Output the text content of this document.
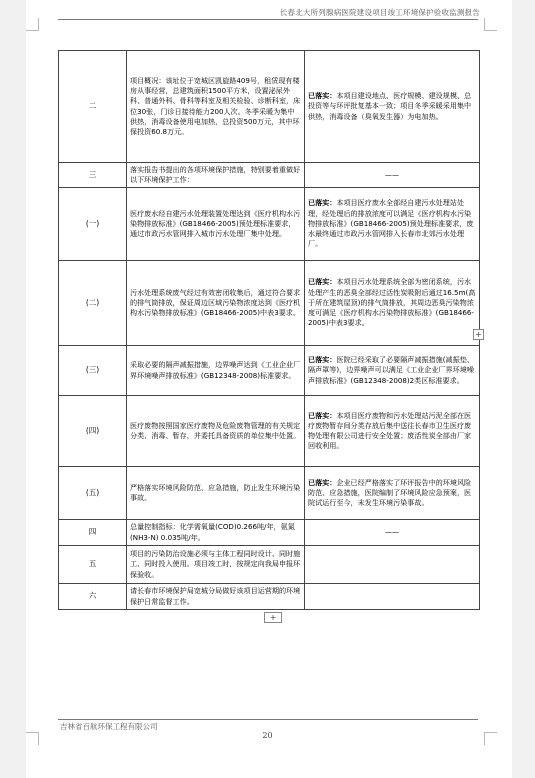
长春北大所列腺病医院建设项目竣工环境保护验收监测报告
二	项目概况：该址位于宽城区凯旋路409号，租赁现有楼房从事经营，总建筑面积1500平方米，设置泌尿外科、普通外科、骨科等科室及相关检验、诊断科室，床位30张，门诊日接待能力200人次。冬季采暖为集中供热，消毒设备使用电加热，总投资500万元，其中环保投资60.8万元。	已落实：本项目建设地点、医疗规模、建设规模、总投资等与环评批复基本一致；项目冬季采暖采用集中供热，消毒设备（臭氧发生器）为电加热。
三	落实报告书提出的各项环境保护措施，特别要着重做好以下环境保护工作：	——
(一)	医疗废水经自建污水处理装置处理达到《医疗机构水污染物排放标准》(GB18466-2005)预处理标准要求，通过市政污水管网排入城市污水处理厂集中处理。	已落实：本项目医疗废水全部经自建污水处理站处理，经处理后的排放浓度可以满足《医疗机构水污染物排放标准》(GB18466-2005)预处理标准要求，废水最终通过市政污水管网排入长春市北郊污水处理厂。
(二)	污水处理系统废气经过有效密闭收集后，通过符合要求的排气筒排放，保证周边区域污染物浓度达到《医疗机构水污染物排放标准》(GB18466-2005)中表3要求。	已落实：本项目污水处理系统全部为密闭系统，污水处理产生的恶臭全部经过活性炭吸附后通过16.5m(高于所在建筑屋顶)的排气筒排放，其周边恶臭污染物浓度可满足《医疗机构水污染物排放标准》(GB18466-2005)中表3要求。
(三)	采取必要的隔声减振措施，边界噪声达到《工业企业厂界环境噪声排放标准》(GB12348-2008)标准要求。	已落实：医院已经采取了必要隔声减振措施(减振垫、隔声罩等)，边界噪声可以满足《工业企业厂界环境噪声排放标准》(GB12348-2008)2类区标准要求。
(四)	医疗废物按照国家医疗废物及危险废物管理的有关规定分类、消毒、暂存，并委托具备资质的单位集中处置。	已落实：本项目医疗废物和污水处理站污泥全部在医疗废物暂存间分类存放后集中送往长春市卫生医疗废物处理有限公司进行安全处置；废活性炭全部由厂家回收利用。
(五)	严格落实环境风险防范、应急措施，防止发生环境污染事故。	已落实：企业已经严格落实了环评报告中的环境风险防范、应急措施，医院编制了环境风险应急预案，医院试运行至今，未发生环境污染事故。
四	总量控制指标：化学需氧量(COD)0.266吨/年，氨氮(NH3-N) 0.035吨/年。	——
五	项目的污染防治设施必须与主体工程同时设计、同时施工、同时投入使用。项目竣工时，按规定向我局申报环保验收。	
六	请长春市环境保护局宽城分局做好该项目运营期的环境保护日常监督工作。	
+
+
吉林省百航环保工程有限公司
20
